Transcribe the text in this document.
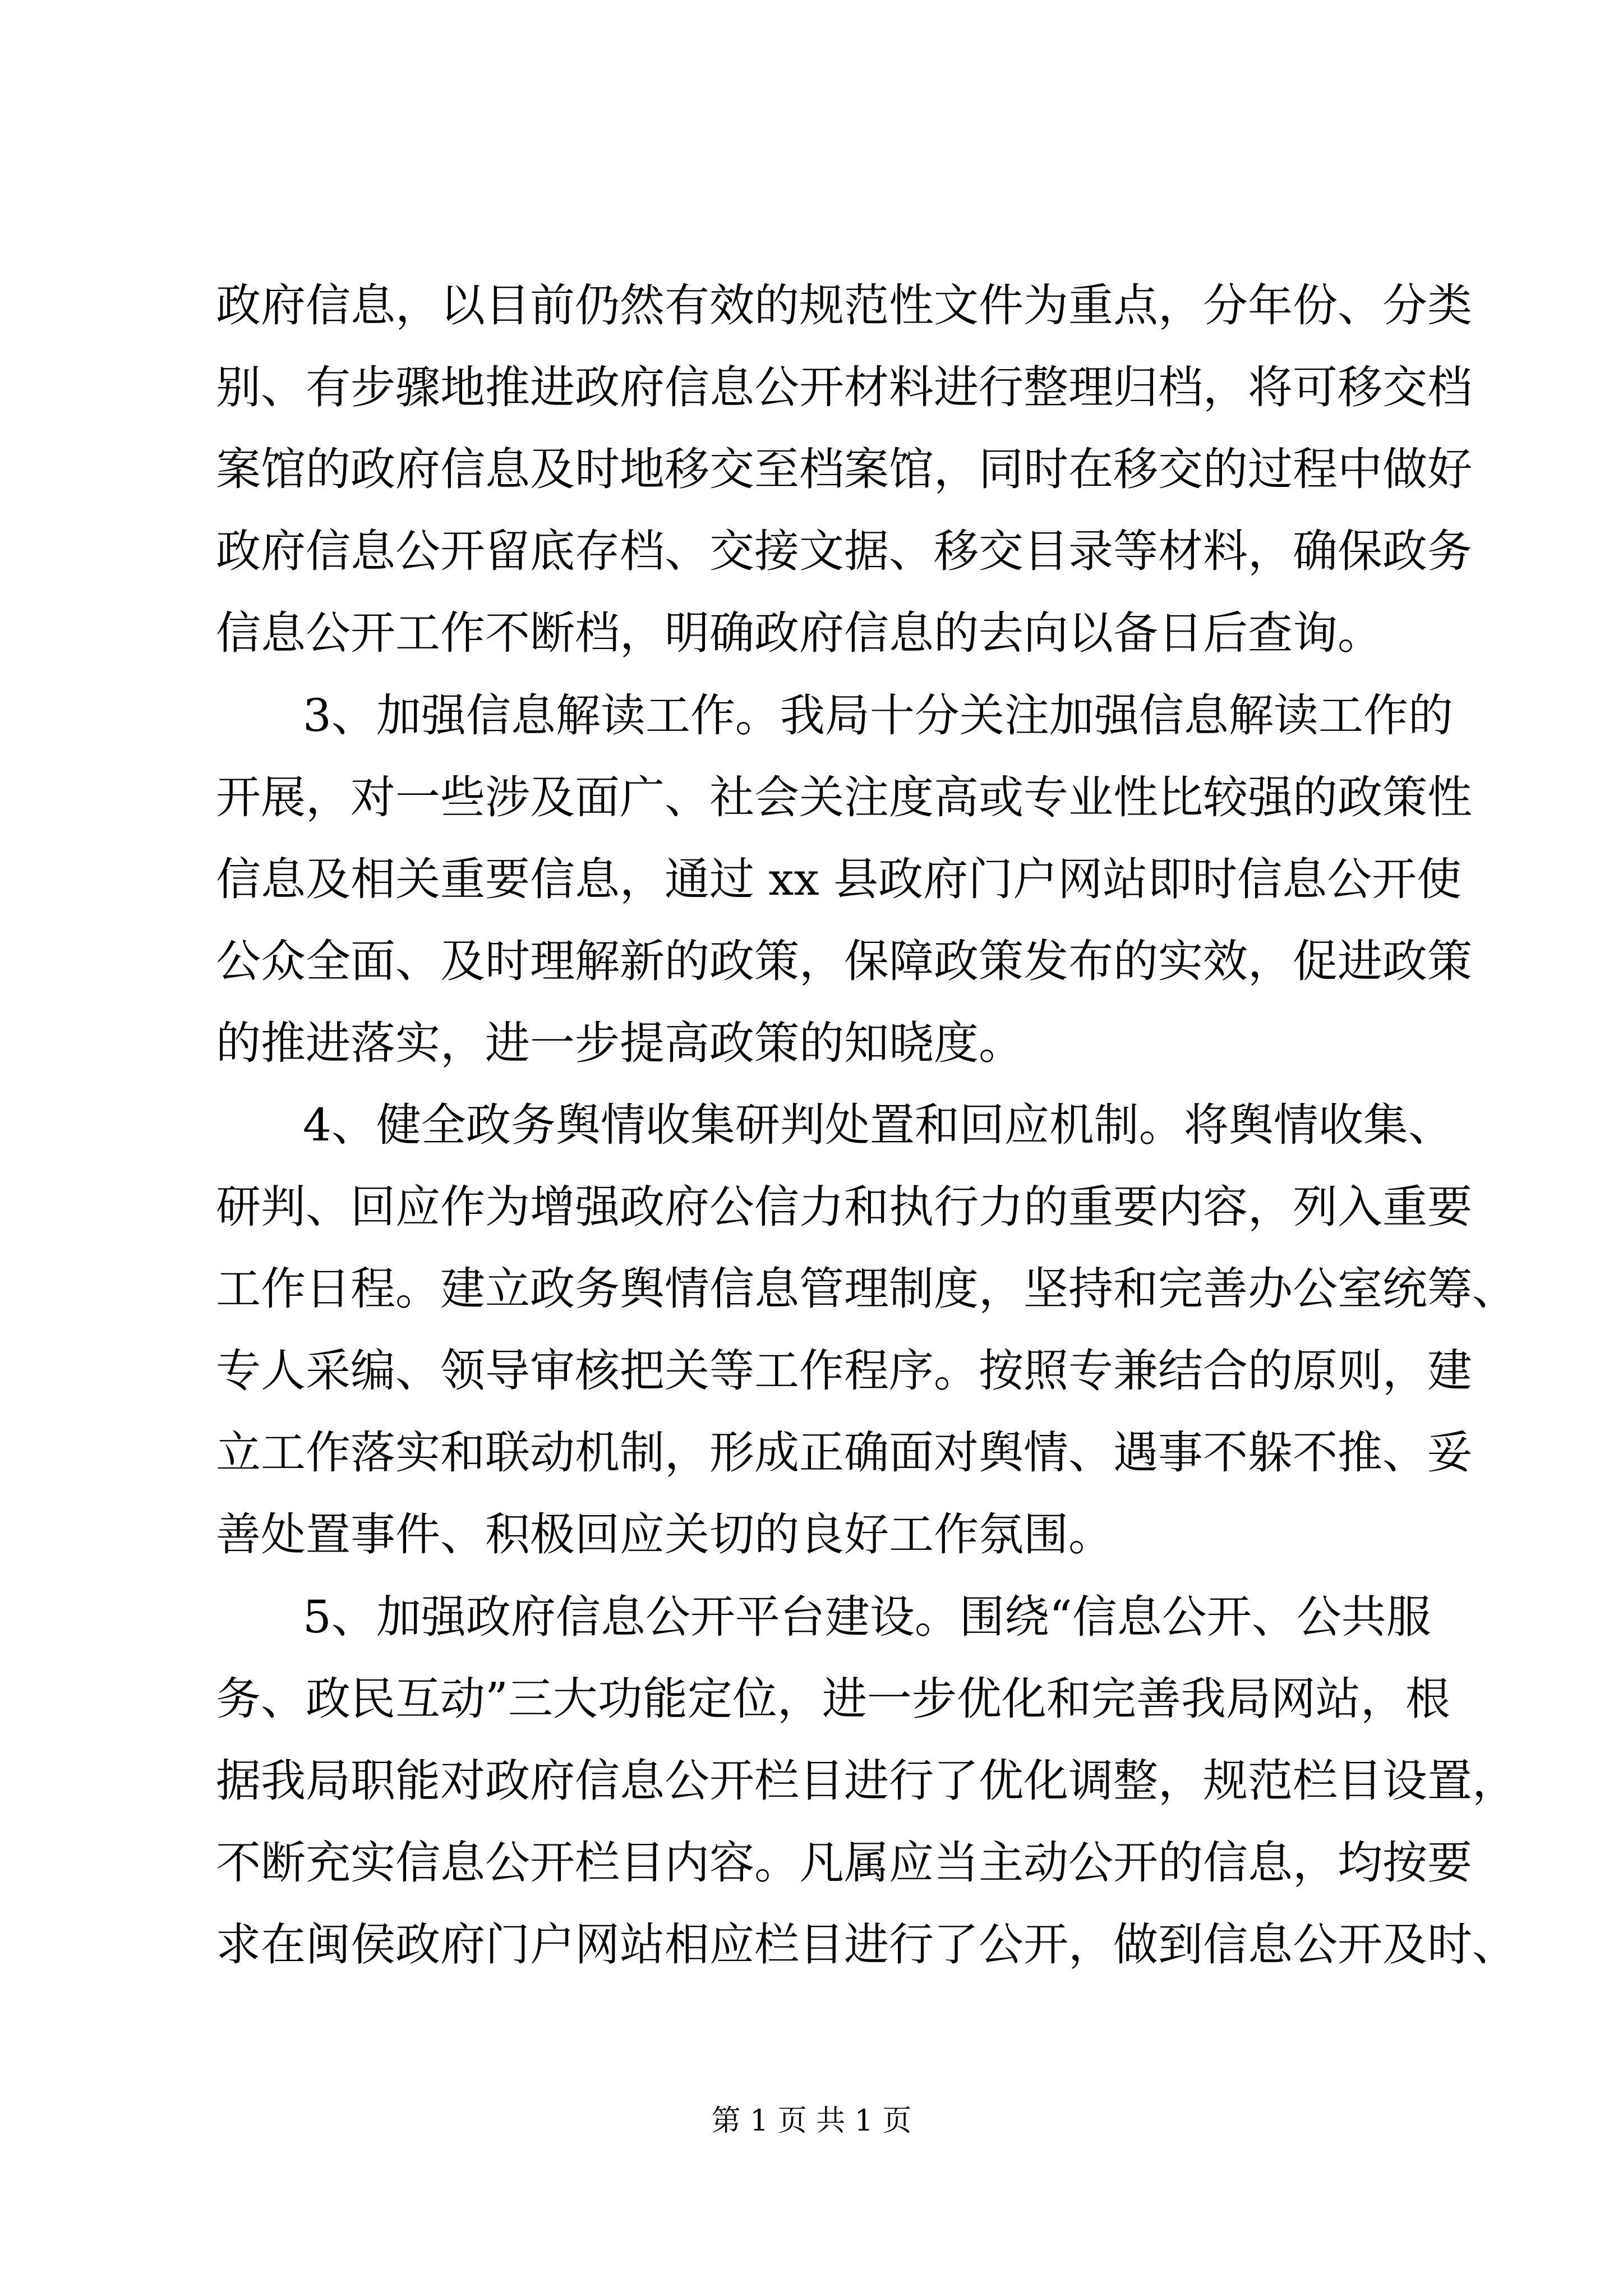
政府信息，以目前仍然有效的规范性文件为重点，分年份、分类
别、有步骤地推进政府信息公开材料进行整理归档，将可移交档
案馆的政府信息及时地移交至档案馆，同时在移交的过程中做好
政府信息公开留底存档、交接文据、移交目录等材料，确保政务
信息公开工作不断档，明确政府信息的去向以备日后查询。
3、加强信息解读工作。我局十分关注加强信息解读工作的
开展，对一些涉及面广、社会关注度高或专业性比较强的政策性
信息及相关重要信息，通过 xx 县政府门户网站即时信息公开使
公众全面、及时理解新的政策，保障政策发布的实效，促进政策
的推进落实，进一步提高政策的知晓度。
4、健全政务舆情收集研判处置和回应机制。将舆情收集、
研判、回应作为增强政府公信力和执行力的重要内容，列入重要
工作日程。建立政务舆情信息管理制度，坚持和完善办公室统筹、
专人采编、领导审核把关等工作程序。按照专兼结合的原则，建
立工作落实和联动机制，形成正确面对舆情、遇事不躲不推、妥
善处置事件、积极回应关切的良好工作氛围。
5、加强政府信息公开平台建设。围绕“信息公开、公共服
务、政民互动”三大功能定位，进一步优化和完善我局网站，根
据我局职能对政府信息公开栏目进行了优化调整，规范栏目设置，
不断充实信息公开栏目内容。凡属应当主动公开的信息，均按要
求在闽侯政府门户网站相应栏目进行了公开，做到信息公开及时、
第 1 页 共 1 页
